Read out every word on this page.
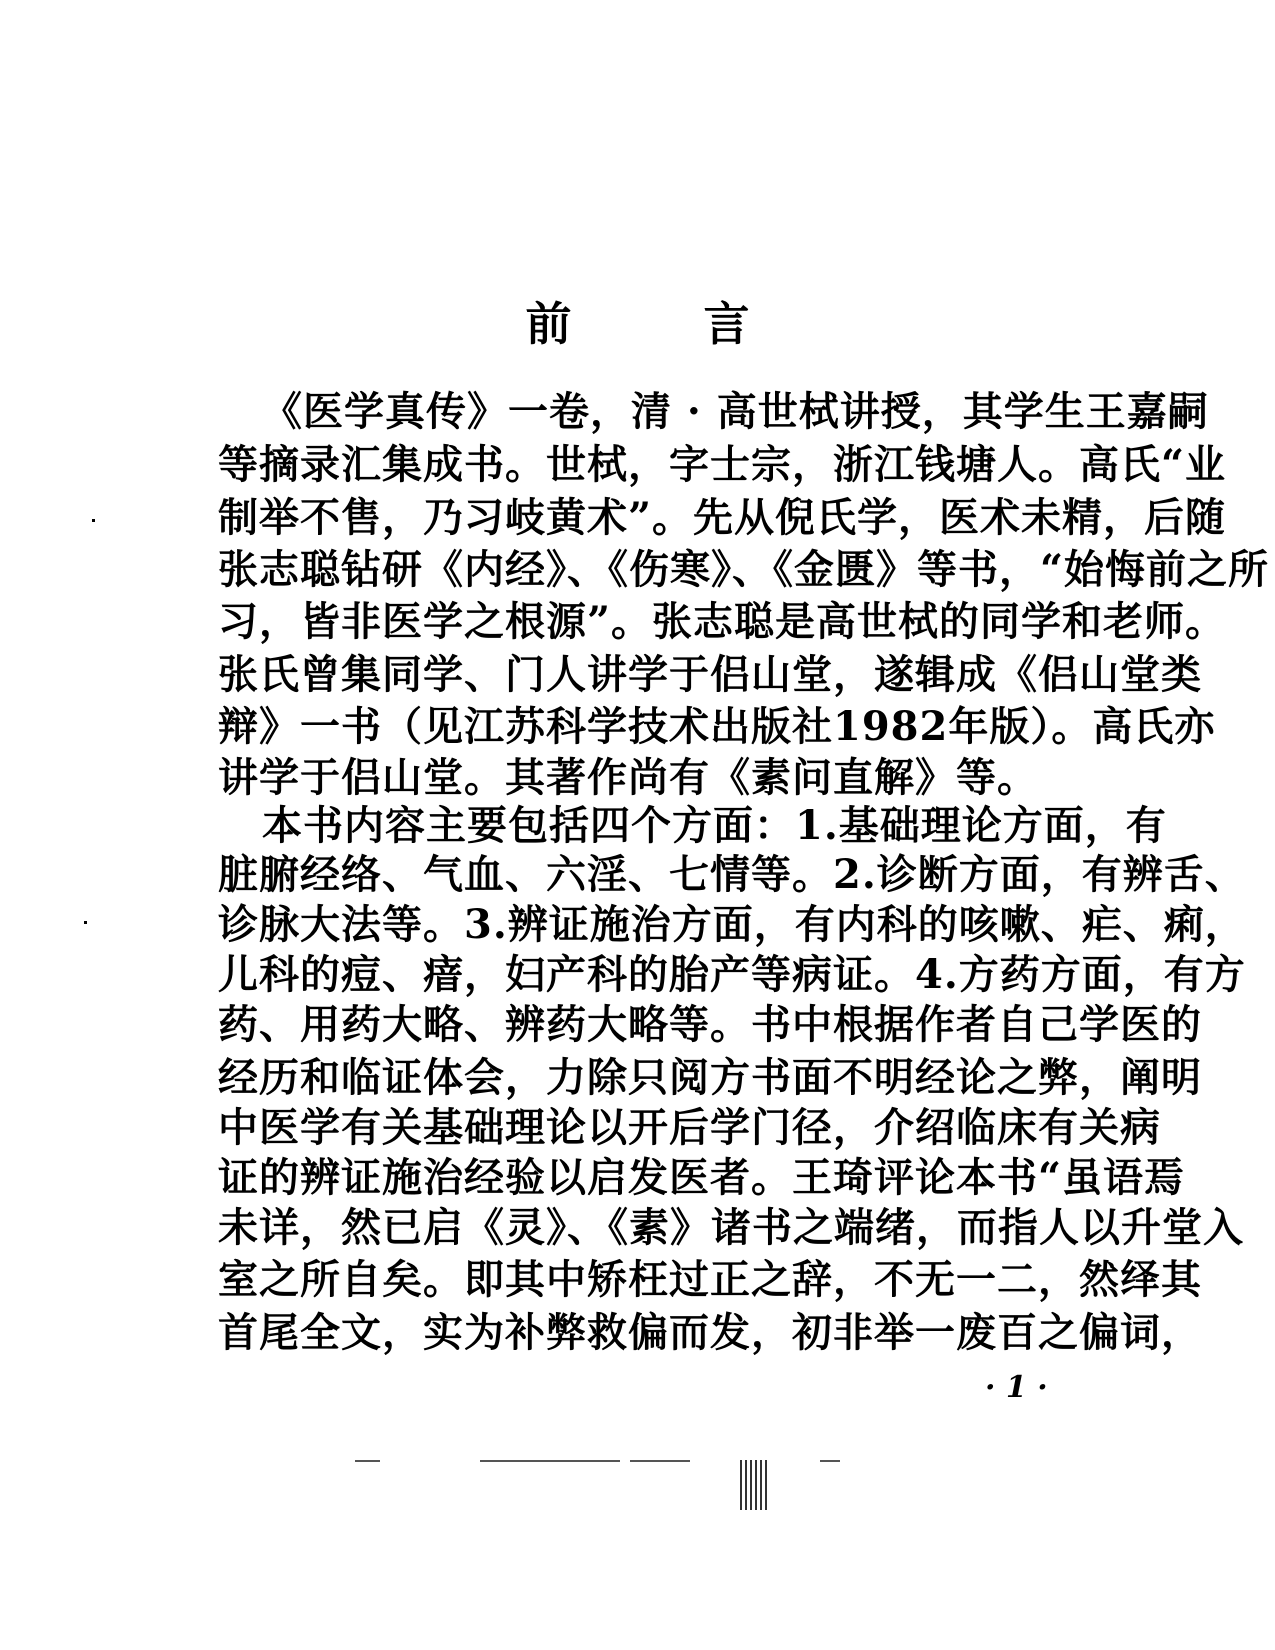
前	言
《医学真传》一卷，清 · 高世栻讲授，其学生王嘉嗣
等摘录汇集成书。世栻，字士宗，浙江钱塘人。高氏“业
制举不售，乃习岐黄术”。先从倪氏学，医术未精，后随
张志聪钻研《内经》、《伤寒》、《金匮》等书，“始悔前之所
习，皆非医学之根源”。张志聪是高世栻的同学和老师。
张氏曾集同学、门人讲学于侣山堂，遂辑成《侣山堂类
辩》一书（见江苏科学技术出版社1982年版）。高氏亦
讲学于侣山堂。其著作尚有《素问直解》等。
本书内容主要包括四个方面：1.基础理论方面，有
脏腑经络、气血、六淫、七情等。2.诊断方面，有辨舌、
诊脉大法等。3.辨证施治方面，有内科的咳嗽、疟、痢，
儿科的痘、瘖，妇产科的胎产等病证。4.方药方面，有方
药、用药大略、辨药大略等。书中根据作者自己学医的
经历和临证体会，力除只阅方书面不明经论之弊，阐明
中医学有关基础理论以开后学门径，介绍临床有关病
证的辨证施治经验以启发医者。王琦评论本书“虽语焉
未详，然已启《灵》、《素》诸书之端绪，而指人以升堂入
室之所自矣。即其中矫枉过正之辞，不无一二，然绎其
首尾全文，实为补弊救偏而发，初非举一废百之偏词，
· 1 ·
